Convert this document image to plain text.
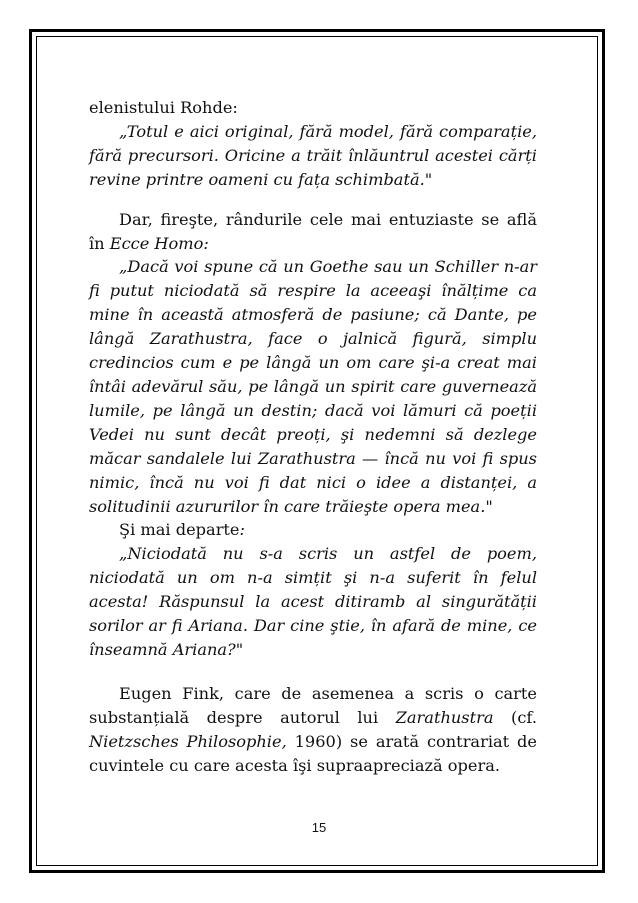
elenistului Rohde:

„Totul e aici original, fără model, fără comparație, fără precursori. Oricine a trăit înlăuntrul acestei cărți revine printre oameni cu fața schimbată."

Dar, fireşte, rândurile cele mai entuziaste se află în Ecce Homo:

„Dacă voi spune că un Goethe sau un Schiller n-ar fi putut niciodată să respire la aceeaşi înălțime ca mine în această atmosferă de pasiune; că Dante, pe lângă Zarathustra, face o jalnică figură, simplu credincios cum e pe lângă un om care şi-a creat mai întâi adevărul său, pe lângă un spirit care guvernează lumile, pe lângă un destin; dacă voi lămuri că poeții Vedei nu sunt decât preoți, şi nedemni să dezlege măcar sandalele lui Zarathustra — încă nu voi fi spus nimic, încă nu voi fi dat nici o idee a distanței, a solitudinii azururilor în care trăieşte opera mea."

Şi mai departe:

„Niciodată nu s-a scris un astfel de poem, niciodată un om n-a simțit şi n-a suferit în felul acesta! Răspunsul la acest ditiramb al singurătății sorilor ar fi Ariana. Dar cine ştie, în afară de mine, ce înseamnă Ariana?"

Eugen Fink, care de asemenea a scris o carte substanțială despre autorul lui Zarathustra (cf. Nietzsches Philosophie, 1960) se arată contrariat de cuvintele cu care acesta îşi supraapreciază opera.

15
